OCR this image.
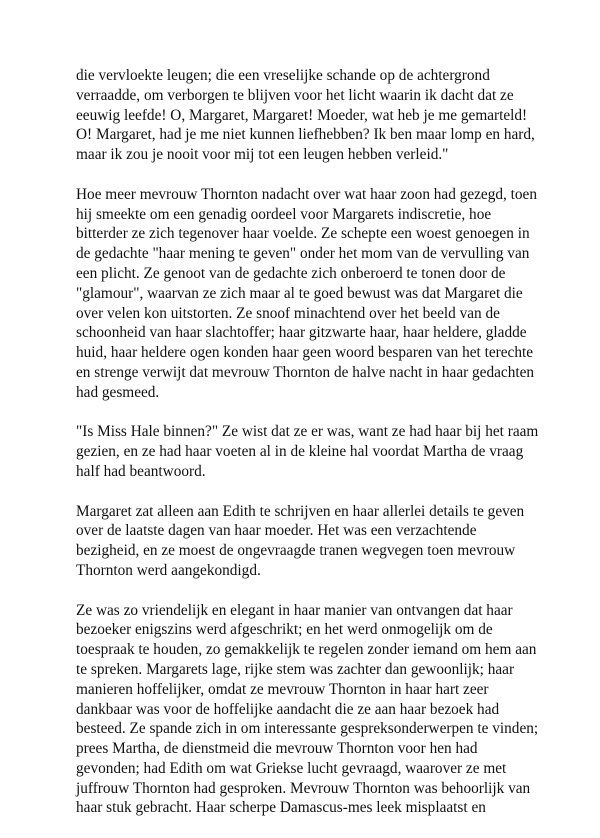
die vervloekte leugen; die een vreselijke schande op de achtergrond
verraadde, om verborgen te blijven voor het licht waarin ik dacht dat ze
eeuwig leefde! O, Margaret, Margaret! Moeder, wat heb je me gemarteld!
O! Margaret, had je me niet kunnen liefhebben? Ik ben maar lomp en hard,
maar ik zou je nooit voor mij tot een leugen hebben verleid."

Hoe meer mevrouw Thornton nadacht over wat haar zoon had gezegd, toen
hij smeekte om een genadig oordeel voor Margarets indiscretie, hoe
bitterder ze zich tegenover haar voelde. Ze schepte een woest genoegen in
de gedachte "haar mening te geven" onder het mom van de vervulling van
een plicht. Ze genoot van de gedachte zich onberoerd te tonen door de
"glamour", waarvan ze zich maar al te goed bewust was dat Margaret die
over velen kon uitstorten. Ze snoof minachtend over het beeld van de
schoonheid van haar slachtoffer; haar gitzwarte haar, haar heldere, gladde
huid, haar heldere ogen konden haar geen woord besparen van het terechte
en strenge verwijt dat mevrouw Thornton de halve nacht in haar gedachten
had gesmeed.

"Is Miss Hale binnen?" Ze wist dat ze er was, want ze had haar bij het raam
gezien, en ze had haar voeten al in de kleine hal voordat Martha de vraag
half had beantwoord.

Margaret zat alleen aan Edith te schrijven en haar allerlei details te geven
over de laatste dagen van haar moeder. Het was een verzachtende
bezigheid, en ze moest de ongevraagde tranen wegvegen toen mevrouw
Thornton werd aangekondigd.

Ze was zo vriendelijk en elegant in haar manier van ontvangen dat haar
bezoeker enigszins werd afgeschrikt; en het werd onmogelijk om de
toespraak te houden, zo gemakkelijk te regelen zonder iemand om hem aan
te spreken. Margarets lage, rijke stem was zachter dan gewoonlijk; haar
manieren hoffelijker, omdat ze mevrouw Thornton in haar hart zeer
dankbaar was voor de hoffelijke aandacht die ze aan haar bezoek had
besteed. Ze spande zich in om interessante gespreksonderwerpen te vinden;
prees Martha, de dienstmeid die mevrouw Thornton voor hen had
gevonden; had Edith om wat Griekse lucht gevraagd, waarover ze met
juffrouw Thornton had gesproken. Mevrouw Thornton was behoorlijk van
haar stuk gebracht. Haar scherpe Damascus-mes leek misplaatst en
